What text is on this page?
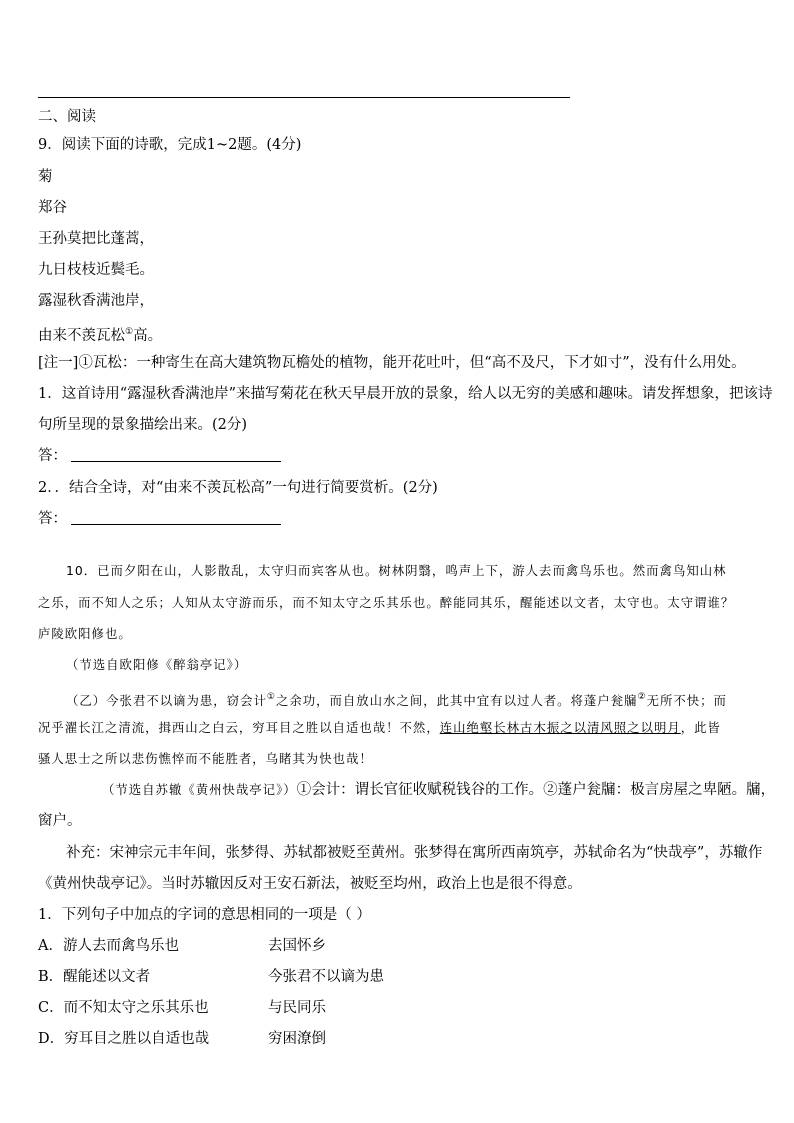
二、阅读
9．阅读下面的诗歌，完成1~2题。(4分)
菊
郑谷
王孙莫把比蓬蒿，
九日枝枝近鬓毛。
露湿秋香满池岸，
由来不羡瓦松①高。
[注一]①瓦松：一种寄生在高大建筑物瓦檐处的植物，能开花吐叶，但“高不及尺，下才如寸”，没有什么用处。
1．这首诗用“露湿秋香满池岸”来描写菊花在秋天早晨开放的景象，给人以无穷的美感和趣味。请发挥想象，把该诗
句所呈现的景象描绘出来。(2分)
答：
2．．结合全诗，对“由来不羡瓦松高”一句进行简要赏析。(2分)
答：
10．已而夕阳在山，人影散乱，太守归而宾客从也。树林阴翳，鸣声上下，游人去而禽鸟乐也。然而禽鸟知山林
之乐，而不知人之乐；人知从太守游而乐，而不知太守之乐其乐也。醉能同其乐，醒能述以文者，太守也。太守谓谁？
庐陵欧阳修也。
（节选自欧阳修《醉翁亭记》）
（乙）今张君不以谪为患，窃会计①之余功，而自放山水之间，此其中宜有以过人者。将蓬户瓮牖②无所不快；而
况乎濯长江之清流，揖西山之白云，穷耳目之胜以自适也哉！不然，连山绝壑长林古木振之以清风照之以明月，此皆
骚人思士之所以悲伤憔悴而不能胜者，乌睹其为快也哉！
（节选自苏辙《黄州快哉亭记》）①会计：谓长官征收赋税钱谷的工作。②蓬户瓮牖：极言房屋之卑陋。牖，
窗户。
补充：宋神宗元丰年间，张梦得、苏轼都被贬至黄州。张梦得在寓所西南筑亭，苏轼命名为“快哉亭”，苏辙作
《黄州快哉亭记》。当时苏辙因反对王安石新法，被贬至均州，政治上也是很不得意。
1．下列句子中加点的字词的意思相同的一项是（ ）
A．游人去而禽鸟乐也	去国怀乡
B．醒能述以文者	今张君不以谪为患
C．而不知太守之乐其乐也	与民同乐
D．穷耳目之胜以自适也哉	穷困潦倒
